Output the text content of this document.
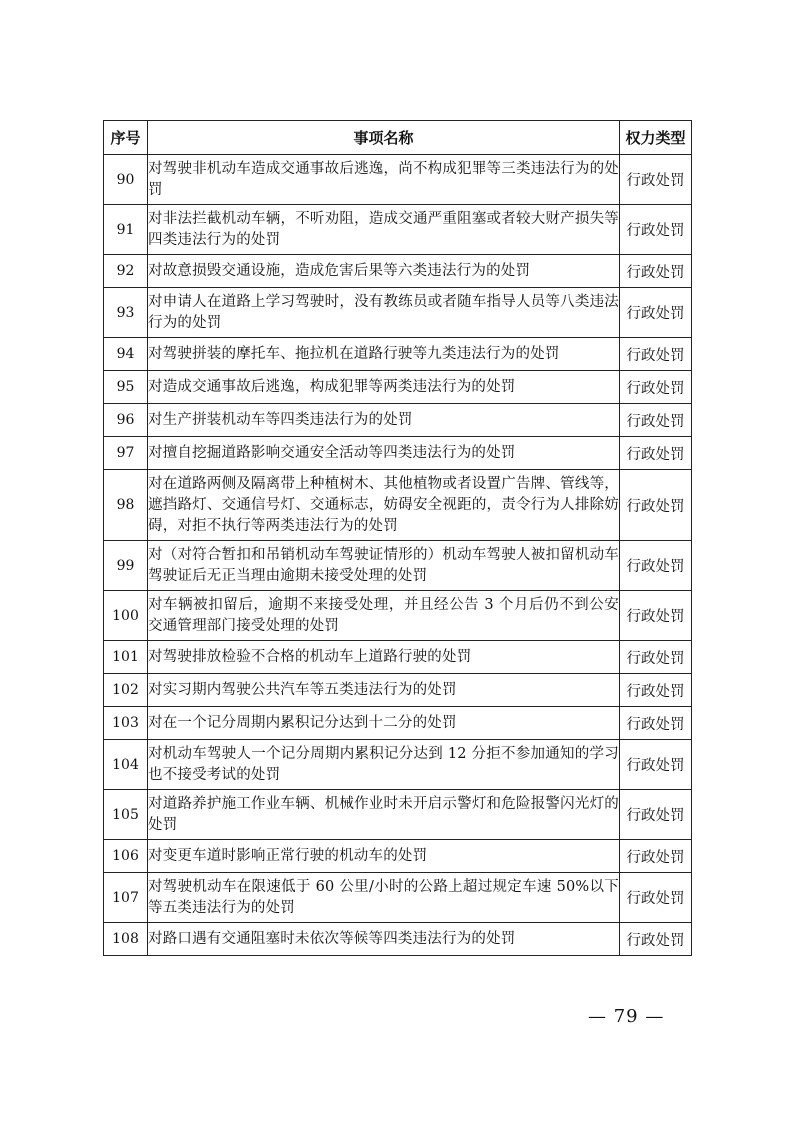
序号	事项名称	权力类型
90	对驾驶非机动车造成交通事故后逃逸，尚不构成犯罪等三类违法行为的处罚	行政处罚
91	对非法拦截机动车辆，不听劝阻，造成交通严重阻塞或者较大财产损失等四类违法行为的处罚	行政处罚
92	对故意损毁交通设施，造成危害后果等六类违法行为的处罚	行政处罚
93	对申请人在道路上学习驾驶时，没有教练员或者随车指导人员等八类违法行为的处罚	行政处罚
94	对驾驶拼装的摩托车、拖拉机在道路行驶等九类违法行为的处罚	行政处罚
95	对造成交通事故后逃逸，构成犯罪等两类违法行为的处罚	行政处罚
96	对生产拼装机动车等四类违法行为的处罚	行政处罚
97	对擅自挖掘道路影响交通安全活动等四类违法行为的处罚	行政处罚
98	对在道路两侧及隔离带上种植树木、其他植物或者设置广告牌、管线等，遮挡路灯、交通信号灯、交通标志，妨碍安全视距的，责令行为人排除妨碍，对拒不执行等两类违法行为的处罚	行政处罚
99	对（对符合暂扣和吊销机动车驾驶证情形的）机动车驾驶人被扣留机动车驾驶证后无正当理由逾期未接受处理的处罚	行政处罚
100	对车辆被扣留后，逾期不来接受处理，并且经公告 3 个月后仍不到公安交通管理部门接受处理的处罚	行政处罚
101	对驾驶排放检验不合格的机动车上道路行驶的处罚	行政处罚
102	对实习期内驾驶公共汽车等五类违法行为的处罚	行政处罚
103	对在一个记分周期内累积记分达到十二分的处罚	行政处罚
104	对机动车驾驶人一个记分周期内累积记分达到 12 分拒不参加通知的学习也不接受考试的处罚	行政处罚
105	对道路养护施工作业车辆、机械作业时未开启示警灯和危险报警闪光灯的处罚	行政处罚
106	对变更车道时影响正常行驶的机动车的处罚	行政处罚
107	对驾驶机动车在限速低于 60 公里/小时的公路上超过规定车速 50%以下等五类违法行为的处罚	行政处罚
108	对路口遇有交通阻塞时未依次等候等四类违法行为的处罚	行政处罚
— 79 —
